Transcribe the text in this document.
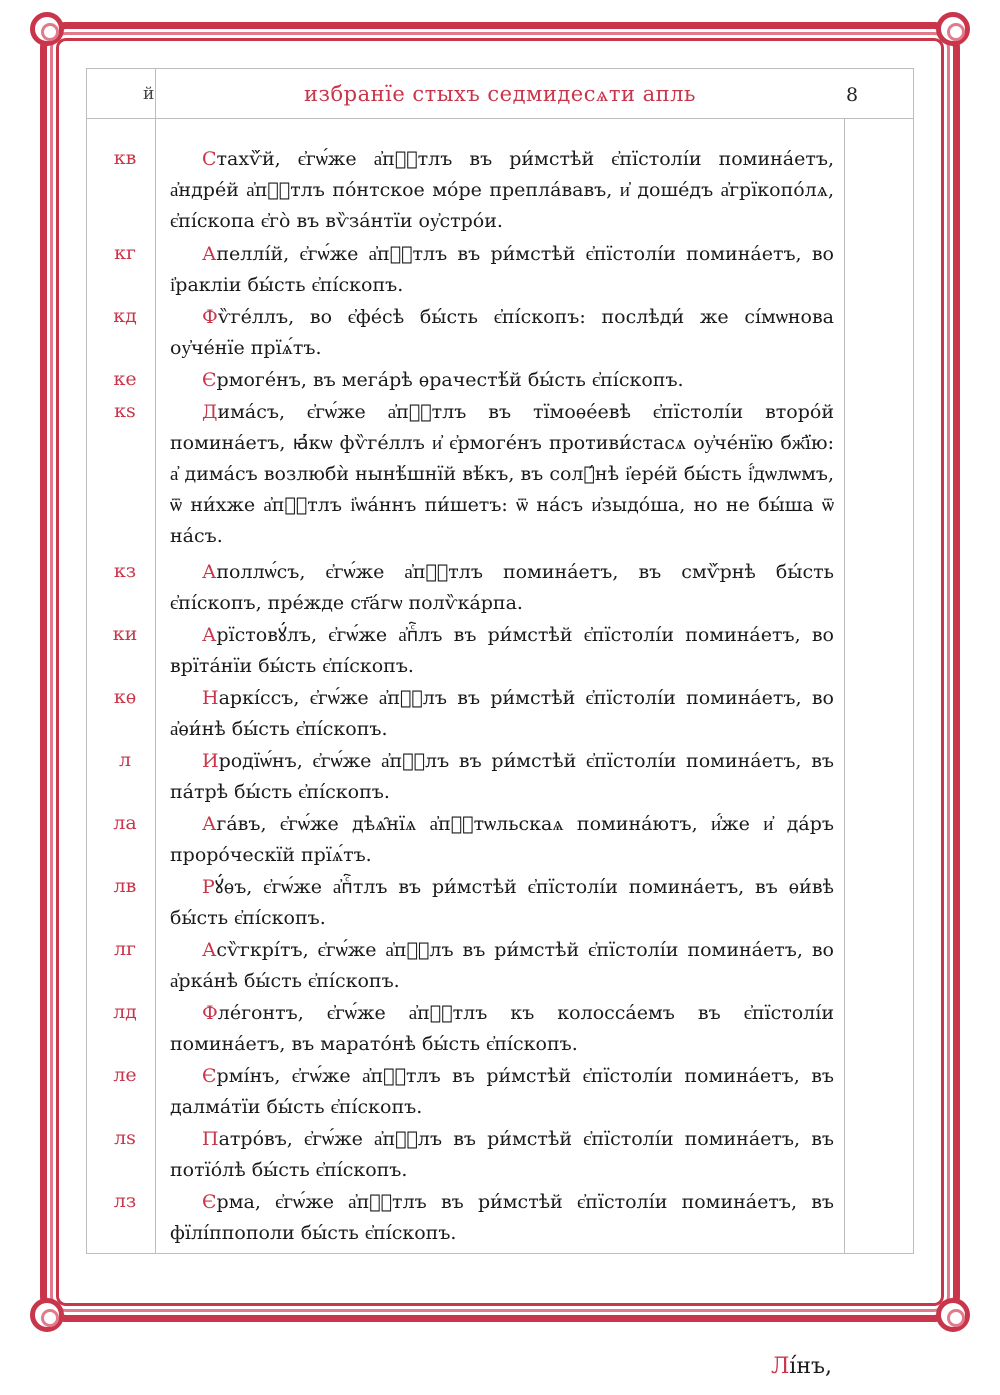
й	избранїе стыхъ седмидесѧти апль	8
кв	Стахѷ́й, є҆гѡ́же а҆пⷭ҇тлъ въ ри́мстѣй є҆пїстолі́и помина́етъ, а҆ндре́й а҆пⷭ҇тлъ по́нтское мо́ре препла́вавъ, и҆ доше́дъ а҆грїкопо́лѧ, є҆пі́скопа є҆го̀ въ вѷза́нтїи оу҆стро́и.
кг	Апеллі́й, є҆гѡ́же а҆пⷭ҇тлъ въ ри́мстѣй є҆пїстолі́и помина́етъ, во і҆ракліи бы́сть є҆пі́скопъ.
кд	Фѷге́ллъ, во є҆фе́сѣ бы́сть є҆пі́скопъ: послѣди́ же сі́мѡнова оу҆че́нїе прїѧ́тъ.
ке	Єрмоге́нъ, въ мега́рѣ ѳрачестѣ́й бы́сть є҆пі́скопъ.
кѕ	Дима́съ, є҆гѡ́же а҆пⷭ҇тлъ въ тїмоѳе́евѣ є҆пїстолі́и второ́й помина́етъ, ꙗ҆́кѡ фѷге́ллъ и҆ є҆рмоге́нъ противи́стасѧ оу҆че́нїю бж҃їю: а҆ дима́съ возлюбѝ нынѣ́шнїй вѣ́къ, въ солꙋ́нѣ і҆ере́й бы́сть і҆́дѡлѡмъ, ѿ ни́хже а҆пⷭ҇тлъ і҆ѡа́ннъ пи́шетъ: ѿ на́съ и҆зыдо́ша, но не бы́ша ѿ на́съ.
кз	Аполлѡ́съ, є҆гѡ́же а҆пⷭ҇тлъ помина́етъ, въ смѷ́рнѣ бы́сть є҆пі́скопъ, пре́жде ст҃а́гѡ полѷка́рпа.
ки	Арїстовꙋ́лъ, є҆гѡ́же а҆пⷭ҇лъ въ ри́мстѣй є҆пїстолі́и помина́етъ, во врїта́нїи бы́сть є҆пі́скопъ.
кѳ	Нарκі́ссъ, є҆гѡ́же а҆пⷭ҇лъ въ ри́мстѣй є҆пїстолі́и помина́етъ, во а҆ѳи́нѣ бы́сть є҆пі́скопъ.
л	Иродїѡ́нъ, є҆гѡ́же а҆пⷭ҇лъ въ ри́мстѣй є҆пїстолі́и помина́етъ, въ па́трѣ бы́сть є҆пі́скопъ.
ла	Ага́въ, є҆гѡ́же дѣѧ̑нїѧ а҆пⷭ҇тѡльскаѧ помина́ютъ, и҆́же и҆ да́ръ проро́ческїй прїѧ́тъ.
лв	Рꙋ́ѳъ, є҆гѡ́же а҆пⷭ҇тлъ въ ри́мстѣй є҆пїстолі́и помина́етъ, въ ѳи́вѣ бы́сть є҆пі́скопъ.
лг	Асѷгкрі́тъ, є҆гѡ́же а҆пⷭ҇лъ въ ри́мстѣй є҆пїстолі́и помина́етъ, во а҆рка́нѣ бы́сть є҆пі́скопъ.
лд	Фле́гонтъ, є҆гѡ́же а҆пⷭ҇тлъ къ колосса́емъ въ є҆пїстолі́и помина́етъ, въ марато́нѣ бы́сть є҆пі́скопъ.
ле	Єрмі́нъ, є҆гѡ́же а҆пⷭ҇тлъ въ ри́мстѣй є҆пїстолі́и помина́етъ, въ далма́тїи бы́сть є҆пі́скопъ.
лѕ	Патро́въ, є҆гѡ́же а҆пⷭ҇лъ въ ри́мстѣй є҆пїстолі́и помина́етъ, въ потїо́лѣ бы́сть є҆пі́скопъ.
лз	Єрма, є҆гѡ́же а҆пⷭ҇тлъ въ ри́мстѣй є҆пїстолі́и помина́етъ, въ фїлі́ппополи бы́сть є҆пі́скопъ.
Лі́нъ,
